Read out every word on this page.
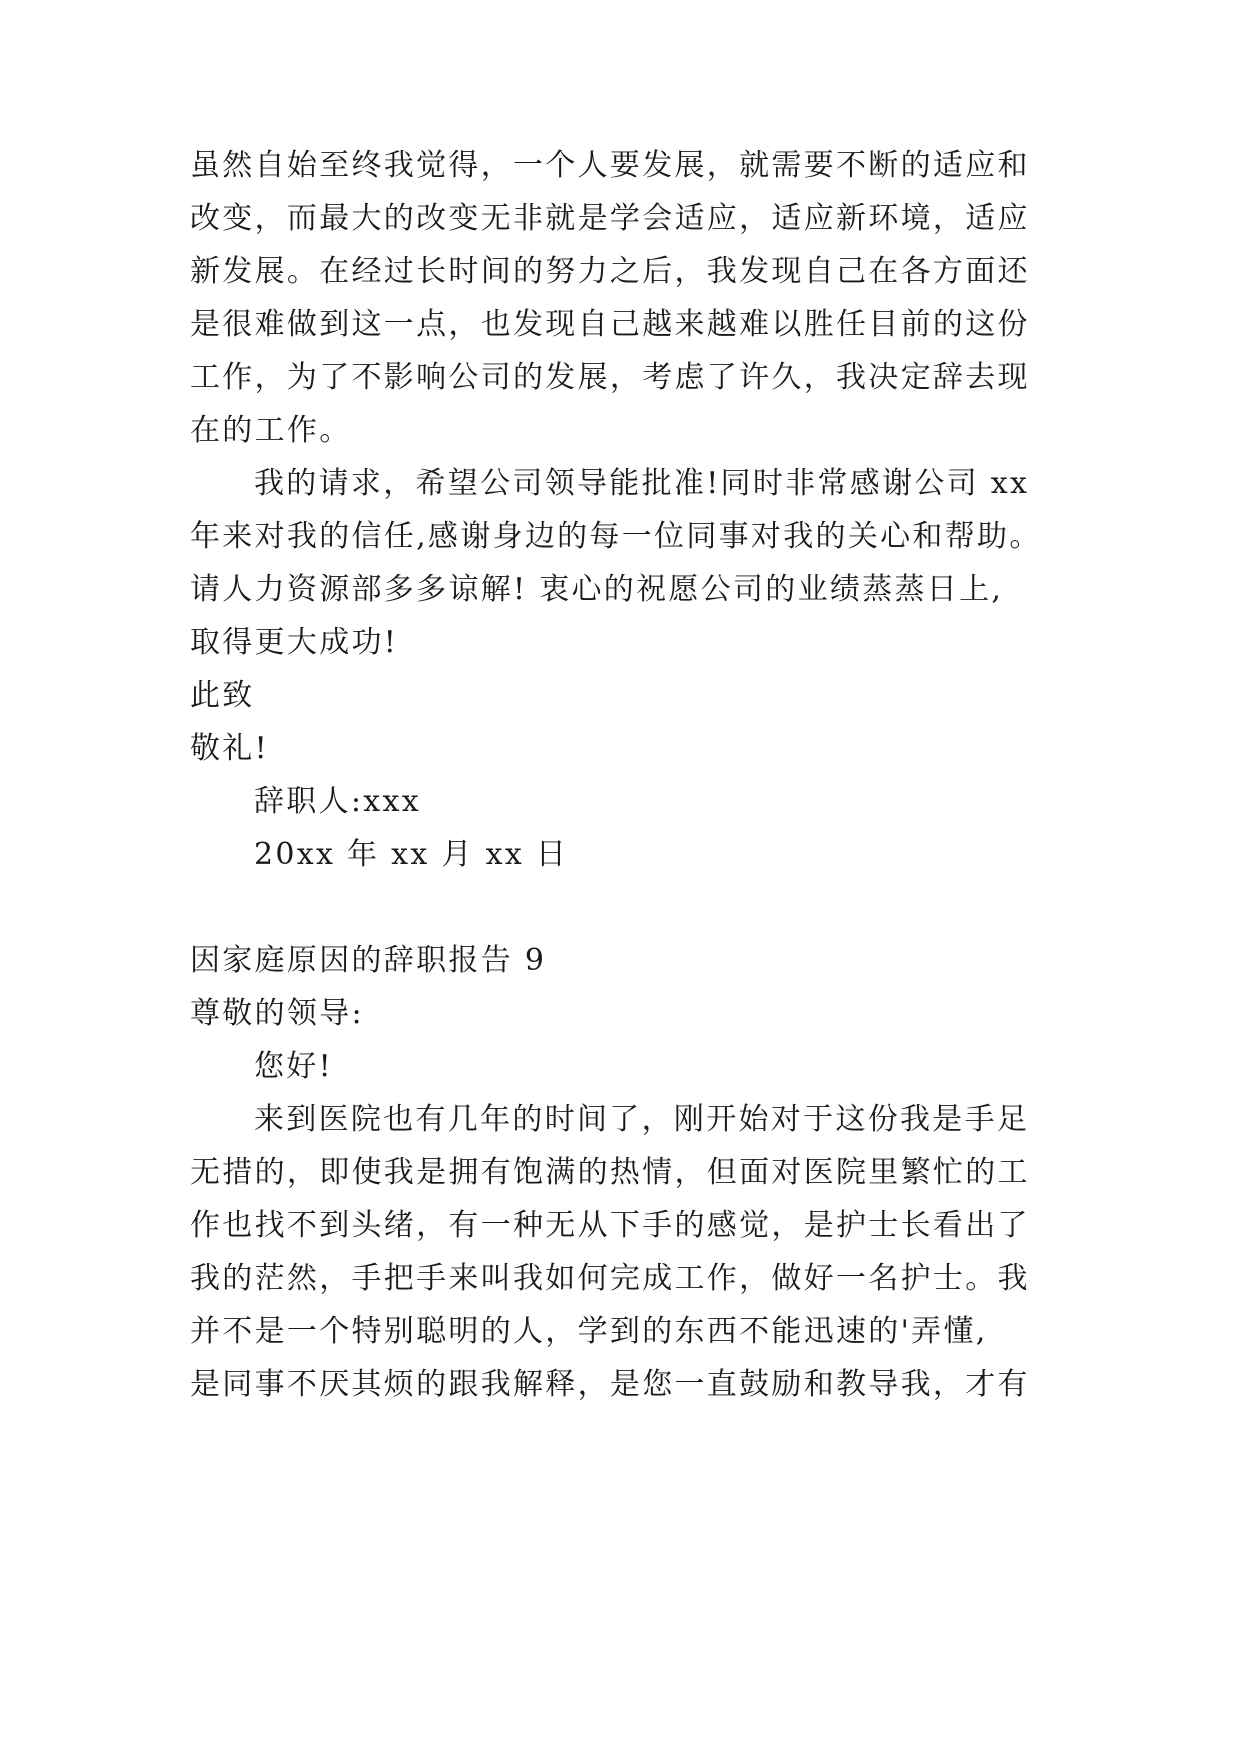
虽然自始至终我觉得，一个人要发展，就需要不断的适应和
改变，而最大的改变无非就是学会适应，适应新环境，适应
新发展。在经过长时间的努力之后，我发现自己在各方面还
是很难做到这一点，也发现自己越来越难以胜任目前的这份
工作，为了不影响公司的发展，考虑了许久，我决定辞去现
在的工作。
我的请求，希望公司领导能批准!同时非常感谢公司 xx
年来对我的信任,感谢身边的每一位同事对我的关心和帮助。
请人力资源部多多谅解! 衷心的祝愿公司的业绩蒸蒸日上,
取得更大成功!
此致
敬礼!
辞职人:xxx
20xx 年 xx 月 xx 日
因家庭原因的辞职报告 9
尊敬的领导:
您好!
来到医院也有几年的时间了，刚开始对于这份我是手足
无措的，即使我是拥有饱满的热情，但面对医院里繁忙的工
作也找不到头绪，有一种无从下手的感觉，是护士长看出了
我的茫然，手把手来叫我如何完成工作，做好一名护士。我
并不是一个特别聪明的人，学到的东西不能迅速的'弄懂,
是同事不厌其烦的跟我解释，是您一直鼓励和教导我，才有
